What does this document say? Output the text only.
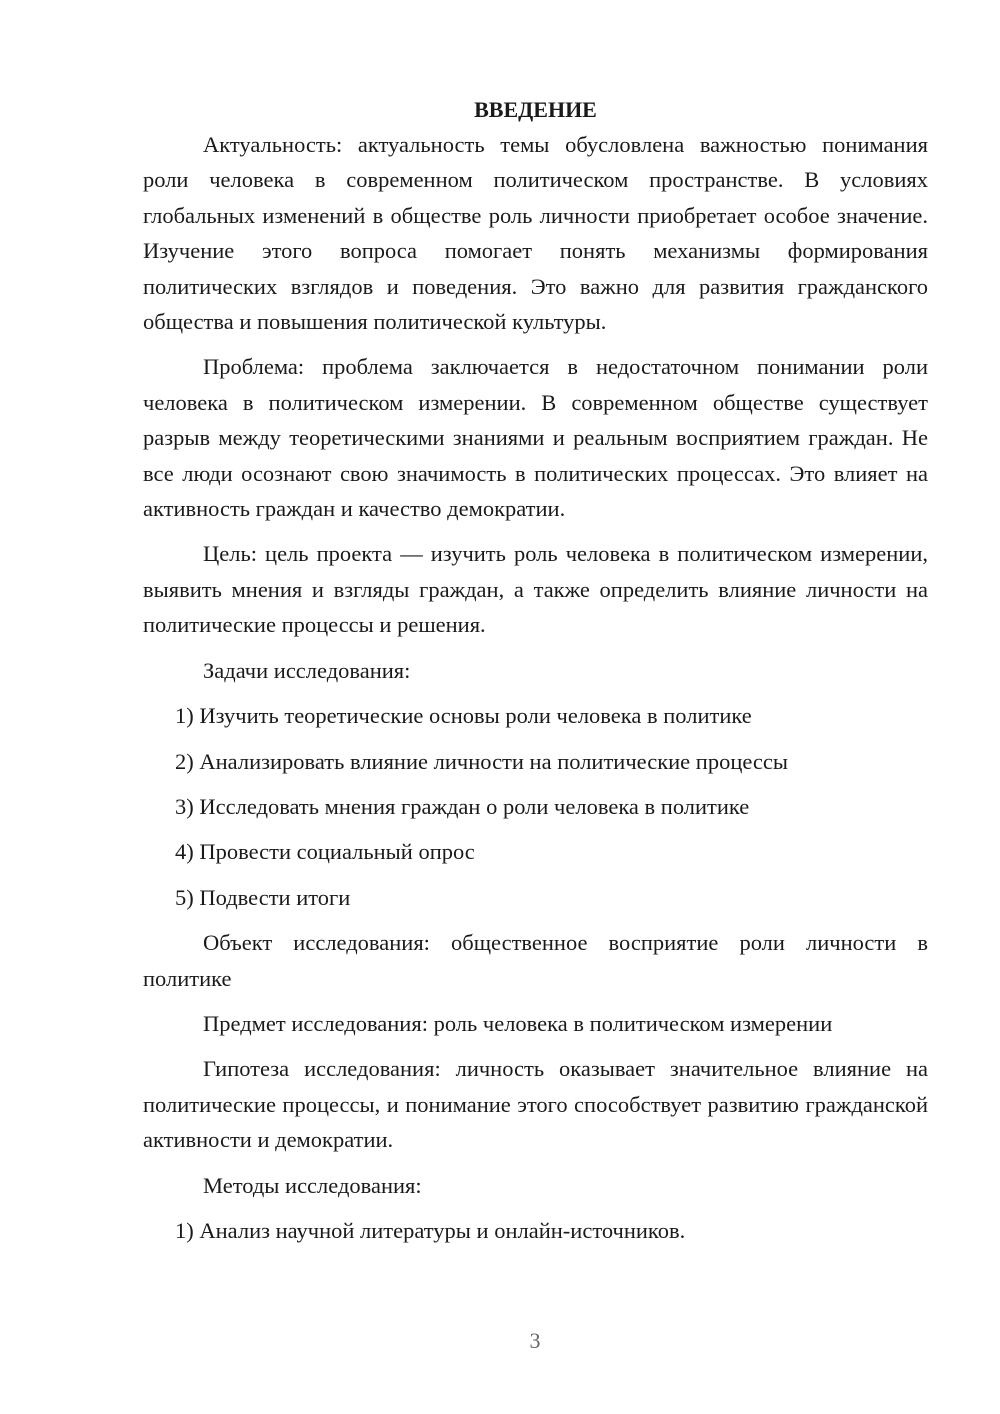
ВВЕДЕНИЕ

Актуальность: актуальность темы обусловлена важностью понимания роли человека в современном политическом пространстве. В условиях глобальных изменений в обществе роль личности приобретает особое значение. Изучение этого вопроса помогает понять механизмы формирования политических взглядов и поведения. Это важно для развития гражданского общества и повышения политической культуры.

Проблема: проблема заключается в недостаточном понимании роли человека в политическом измерении. В современном обществе существует разрыв между теоретическими знаниями и реальным восприятием граждан. Не все люди осознают свою значимость в политических процессах. Это влияет на активность граждан и качество демократии.

Цель: цель проекта — изучить роль человека в политическом измерении, выявить мнения и взгляды граждан, а также определить влияние личности на политические процессы и решения.

Задачи исследования:

1) Изучить теоретические основы роли человека в политике
2) Анализировать влияние личности на политические процессы
3) Исследовать мнения граждан о роли человека в политике
4) Провести социальный опрос
5) Подвести итоги

Объект исследования: общественное восприятие роли личности в политике

Предмет исследования: роль человека в политическом измерении

Гипотеза исследования: личность оказывает значительное влияние на политические процессы, и понимание этого способствует развитию гражданской активности и демократии.

Методы исследования:

1) Анализ научной литературы и онлайн-источников.
3
